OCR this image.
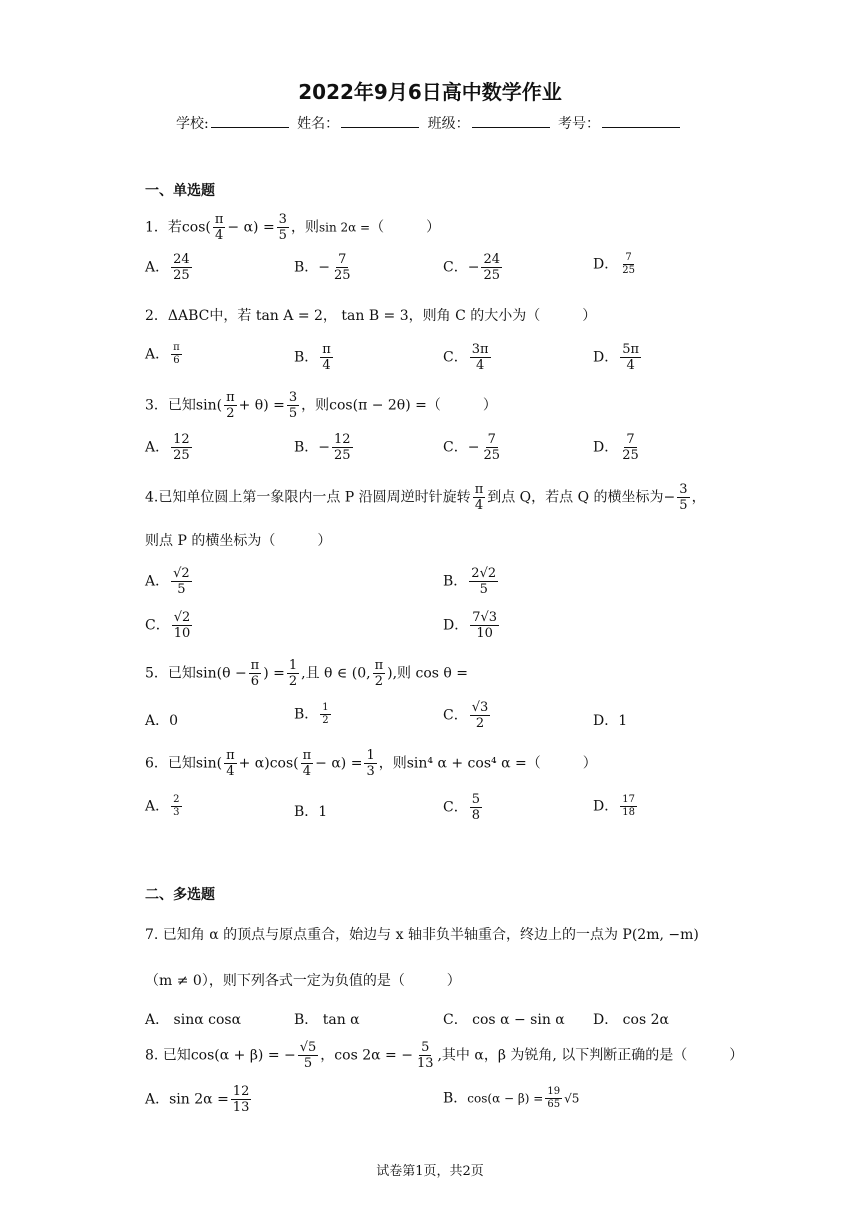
2022年9月6日高中数学作业
学校:	姓名：	班级：	考号：
一、单选题
1．若$\cos( \frac{\pi}{4} - \alpha) = \frac{3}{5}$ ，则sin 2α =（　　　）
A． $\frac{24}{25}$	B．− $\frac{7}{25}$	C．− $\frac{24}{25}$	D． $\frac{7}{25}$
2．ΔABC中，若 tan A = 2， tan B = 3，则角 C 的大小为（　　　）
A． $\frac{\pi}{6}$	B． $\frac{\pi}{4}$	C． $\frac{3\pi}{4}$	D． $\frac{5\pi}{4}$
3．已知$\sin( \frac{\pi}{2} + \theta) = \frac{3}{5}$ ，则cos(π − 2θ) =（　　　）
A． $\frac{12}{25}$	B．− $\frac{12}{25}$	C．− $\frac{7}{25}$	D． $\frac{7}{25}$
4.已知单位圆上第一象限内一点 P 沿圆周逆时针旋转 $\frac{\pi}{4}$ 到点 Q，若点 Q 的横坐标为− $\frac{3}{5}$ ，
则点 P 的横坐标为（　　　）
A． $\frac{√2}{5}$	B． $\frac{2√2}{5}$
C． $\frac{√2}{10}$	D． $\frac{7√3}{10}$
5．已知$\sin(\theta - \frac{\pi}{6}$ ) = $\frac{1}{2}$ ,且 θ ∈ (0, $\frac{\pi}{2}$ ),则 cos θ =
A．0	B． $\frac{1}{2}$	C． $\frac{√3}{2}$	D．1
6．已知$\sin( \frac{\pi}{4} + \alpha)\cos( \frac{\pi}{4} - \alpha) = \frac{1}{3}$ ，则sin⁴ α + cos⁴ α =（　　　）
A． $\frac{2}{3}$	B．1	C． $\frac{5}{8}$	D． $\frac{17}{18}$
二、多选题
7. 已知角 α 的顶点与原点重合，始边与 x 轴非负半轴重合，终边上的一点为 P(2m, −m)
（m ≠ 0），则下列各式一定为负值的是（　　　）
A． sinα cosα	B． tan α	C． cos α − sin α D． cos 2α
8. 已知cos(α + β) = − $\frac{√5}{5}$ ，cos 2α = − $\frac{5}{13}$ ,其中 α，β 为锐角, 以下判断正确的是（　　　）
A．$\sin 2\alpha = \frac{12}{13}$	B．$\cos(\alpha - \beta) = \frac{19}{65} √5$
试卷第1页，共2页
